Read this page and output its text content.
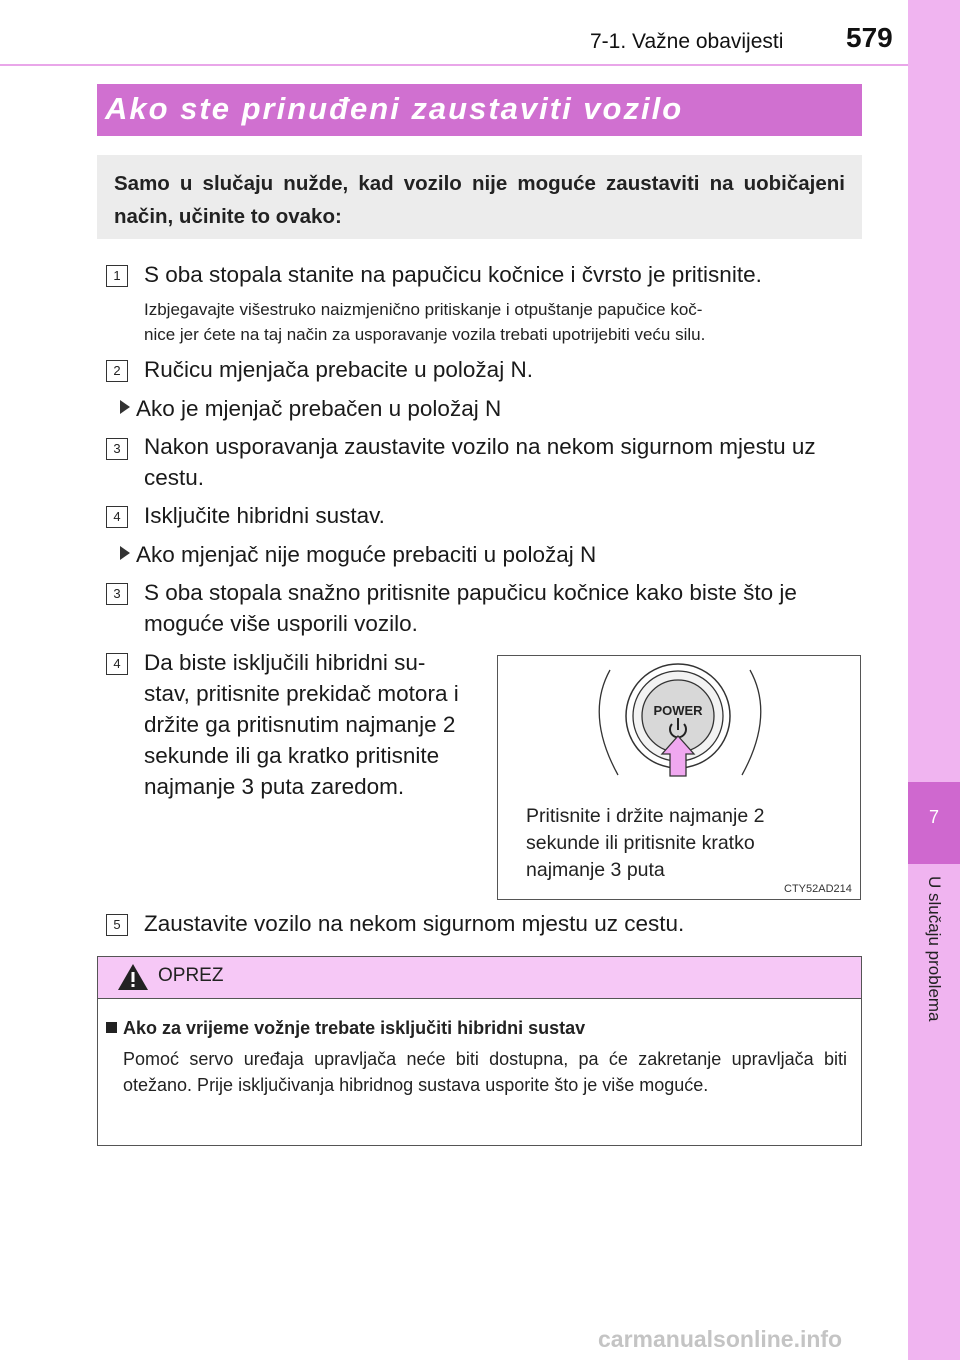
7-1. Važne obavijesti 579
7
U slučaju problema
Ako ste prinuđeni zaustaviti vozilo
Samo u slučaju nužde, kad vozilo nije moguće zaustaviti na uobičajeni način, učinite to ovako:
1	S oba stopala stanite na papučicu kočnice i čvrsto je pritisnite.
Izbjegavajte višestruko naizmjenično pritiskanje i otpuštanje papučice koč-
nice jer ćete na taj način za usporavanje vozila trebati upotrijebiti veću silu.
2	Ručicu mjenjača prebacite u položaj N.
Ako je mjenjač prebačen u položaj N
3	Nakon usporavanja zaustavite vozilo na nekom sigurnom mjestu uz
cestu.
4	Isključite hibridni sustav.
Ako mjenjač nije moguće prebaciti u položaj N
3	S oba stopala snažno pritisnite papučicu kočnice kako biste što je
moguće više usporili vozilo.
4	Da biste isključili hibridni su-
stav, pritisnite prekidač motora i
držite ga pritisnutim najmanje 2
sekunde ili ga kratko pritisnite
najmanje 3 puta zaredom.
POWER
Pritisnite i držite najmanje 2
sekunde ili pritisnite kratko
najmanje 3 puta
CTY52AD214
5	Zaustavite vozilo na nekom sigurnom mjestu uz cestu.
OPREZ
Ako za vrijeme vožnje trebate isključiti hibridni sustav
Pomoć servo uređaja upravljača neće biti dostupna, pa će zakretanje upravljača biti otežano. Prije isključivanja hibridnog sustava usporite što je više moguće.
carmanualsonline.info
